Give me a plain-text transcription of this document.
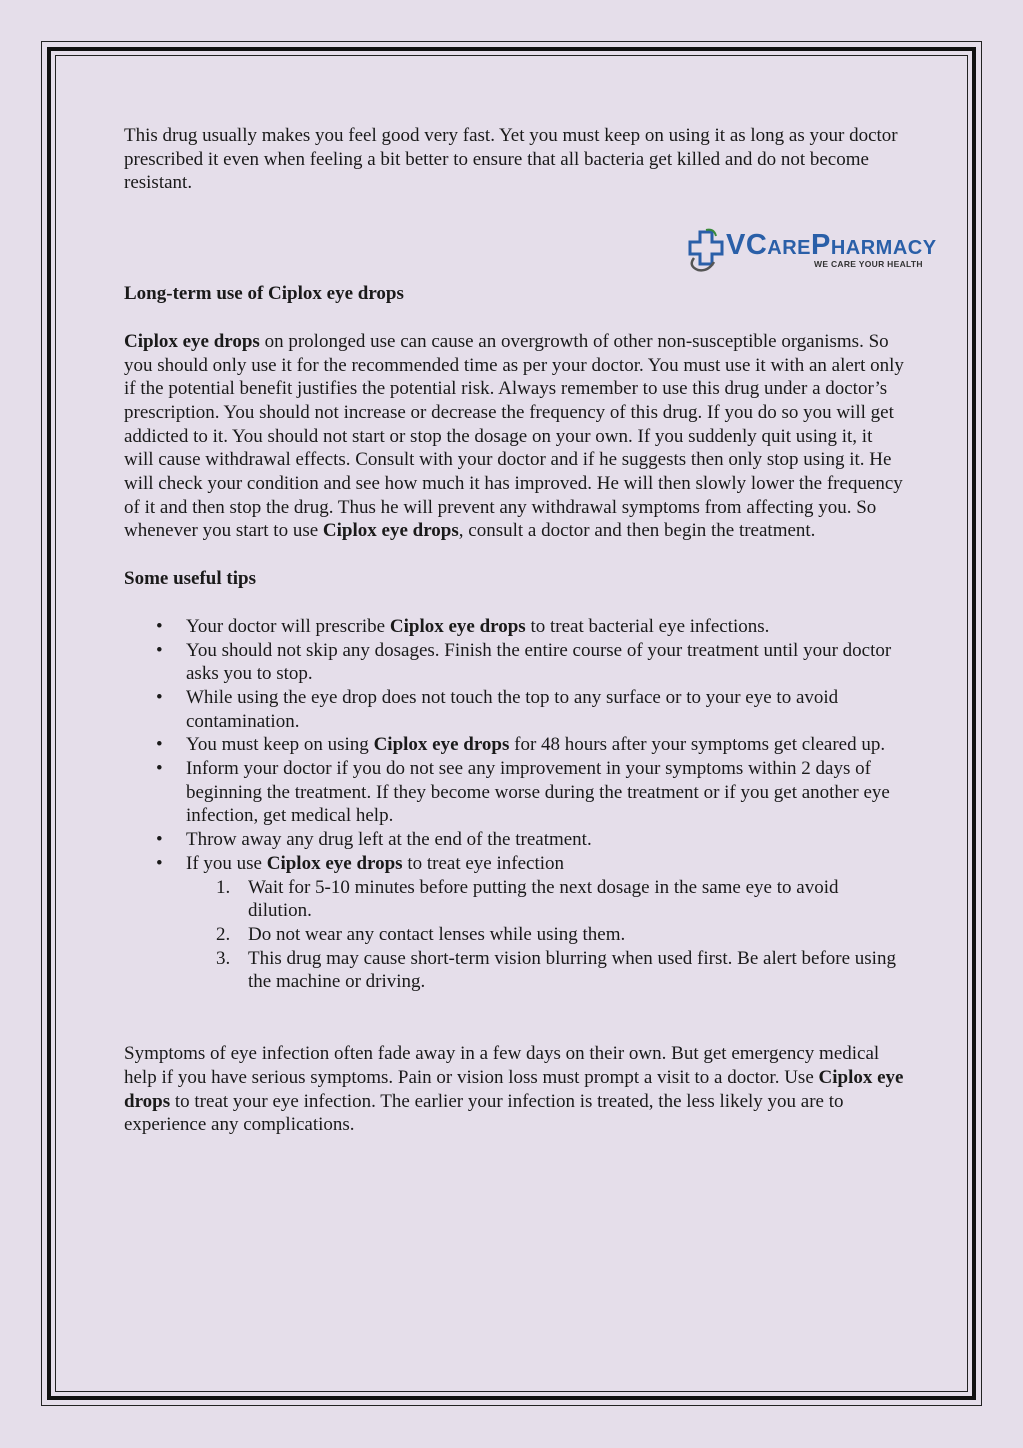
VCarePharmacy
WE CARE YOUR HEALTH

This drug usually makes you feel good very fast. Yet you must keep on using it as long as your doctor prescribed it even when feeling a bit better to ensure that all bacteria get killed and do not become resistant.

Long-term use of Ciplox eye drops

Ciplox eye drops on prolonged use can cause an overgrowth of other non-susceptible organisms. So you should only use it for the recommended time as per your doctor. You must use it with an alert only if the potential benefit justifies the potential risk. Always remember to use this drug under a doctor’s prescription. You should not increase or decrease the frequency of this drug. If you do so you will get addicted to it. You should not start or stop the dosage on your own. If you suddenly quit using it, it will cause withdrawal effects. Consult with your doctor and if he suggests then only stop using it. He will check your condition and see how much it has improved. He will then slowly lower the frequency of it and then stop the drug. Thus he will prevent any withdrawal symptoms from affecting you. So whenever you start to use Ciplox eye drops, consult a doctor and then begin the treatment.

Some useful tips

• Your doctor will prescribe Ciplox eye drops to treat bacterial eye infections.
• You should not skip any dosages. Finish the entire course of your treatment until your doctor asks you to stop.
• While using the eye drop does not touch the top to any surface or to your eye to avoid contamination.
• You must keep on using Ciplox eye drops for 48 hours after your symptoms get cleared up.
• Inform your doctor if you do not see any improvement in your symptoms within 2 days of beginning the treatment. If they become worse during the treatment or if you get another eye infection, get medical help.
• Throw away any drug left at the end of the treatment.
• If you use Ciplox eye drops to treat eye infection
1. Wait for 5-10 minutes before putting the next dosage in the same eye to avoid dilution.
2. Do not wear any contact lenses while using them.
3. This drug may cause short-term vision blurring when used first. Be alert before using the machine or driving.

Symptoms of eye infection often fade away in a few days on their own. But get emergency medical help if you have serious symptoms. Pain or vision loss must prompt a visit to a doctor. Use Ciplox eye drops to treat your eye infection. The earlier your infection is treated, the less likely you are to experience any complications.
